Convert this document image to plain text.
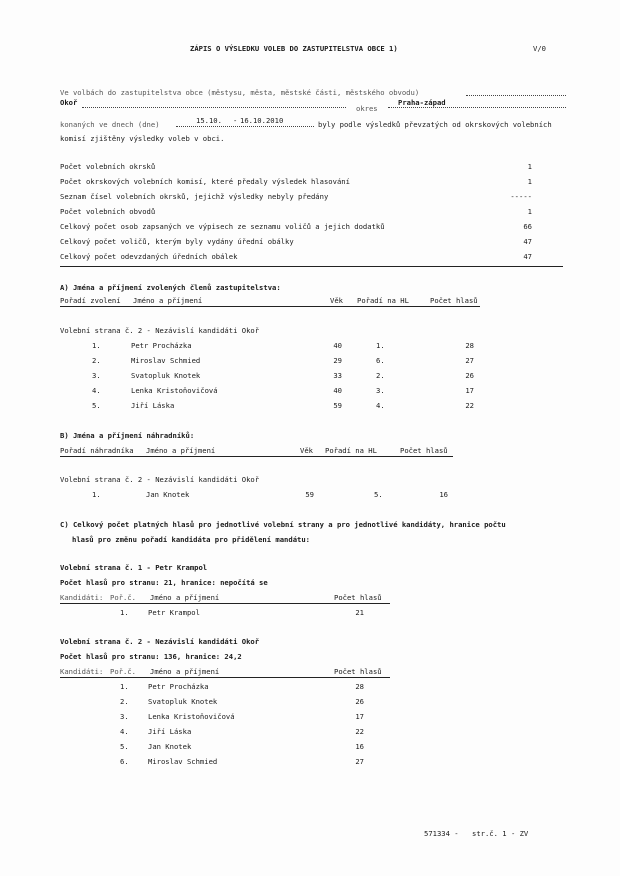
ZÁPIS O VÝSLEDKU VOLEB DO ZASTUPITELSTVA OBCE 1)	V/0
Ve volbách do zastupitelstva obce (městysu, města, městské části, městského obvodu)
Okoř
okres
Praha-západ
konaných ve dnech (dne)	15.10. - 16.10.2010	byly podle výsledků převzatých od okrskových volebních
komisí zjištěny výsledky voleb v obci.
Počet volebních okrsků	1
Počet okrskových volebních komisí, které předaly výsledek hlasování	1
Seznam čísel volebních okrsků, jejichž výsledky nebyly předány	-----
Počet volebních obvodů	1
Celkový počet osob zapsaných ve výpisech ze seznamu voličů a jejich dodatků	66
Celkový počet voličů, kterým byly vydány úřední obálky	47
Celkový počet odevzdaných úředních obálek	47
A) Jména a příjmení zvolených členů zastupitelstva:
Pořadí zvolení Jméno a příjmení	Věk Pořadí na HL	Počet hlasů
Volební strana č. 2 - Nezávislí kandidáti Okoř
1.	Petr Procházka	40	1.	28
2.	Miroslav Schmied	29	6.	27
3.	Svatopluk Knotek	33	2.	26
4.	Lenka Kristoňovičová	40	3.	17
5.	Jiří Láska	59	4.	22
B) Jména a příjmení náhradníků:
Pořadí náhradníka Jméno a příjmení	Věk Pořadí na HL	Počet hlasů
Volební strana č. 2 - Nezávislí kandidáti Okoř
1.	Jan Knotek	59	5.	16
C) Celkový počet platných hlasů pro jednotlivé volební strany a pro jednotlivé kandidáty, hranice počtu
hlasů pro změnu pořadí kandidáta pro přidělení mandátu:
Volební strana č. 1 - Petr Krampol
Počet hlasů pro stranu: 21, hranice: nepočítá se
Kandidáti: Poř.č. Jméno a příjmení	Počet hlasů
1.	Petr Krampol	21
Volební strana č. 2 - Nezávislí kandidáti Okoř
Počet hlasů pro stranu: 136, hranice: 24,2
Kandidáti: Poř.č. Jméno a příjmení	Počet hlasů
1.	Petr Procházka	28
2.	Svatopluk Knotek	26
3.	Lenka Kristoňovičová	17
4.	Jiří Láska	22
5.	Jan Knotek	16
6.	Miroslav Schmied	27
571334 - str.č. 1 - ZV
